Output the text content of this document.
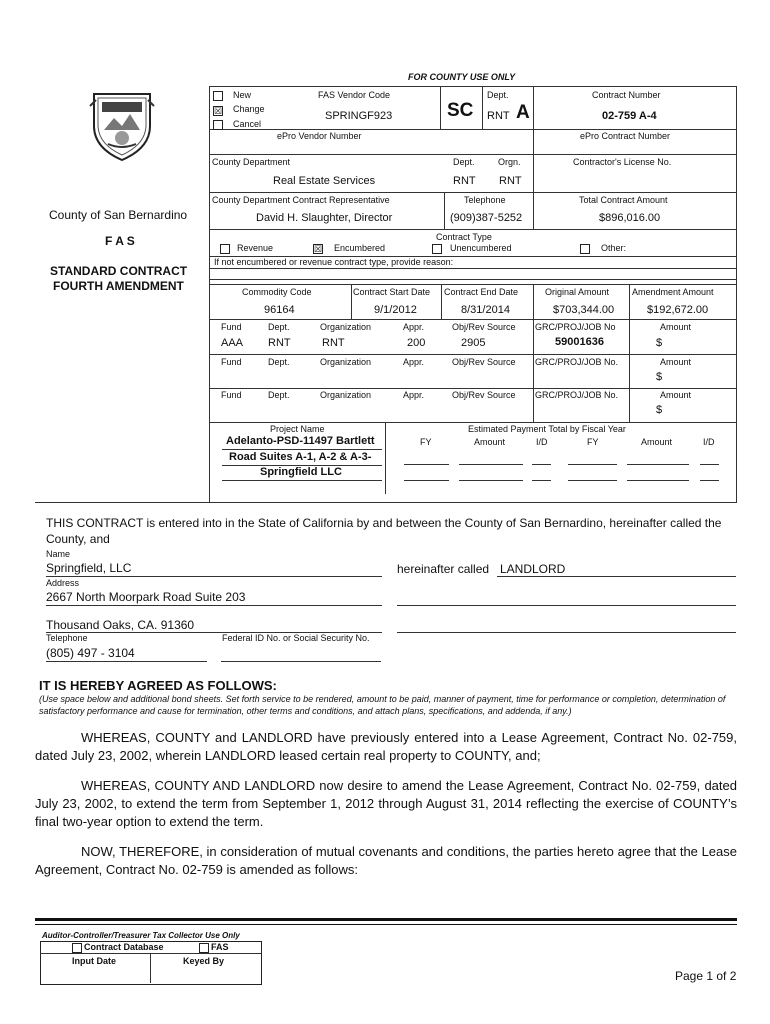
FOR COUNTY USE ONLY
County of San Bernardino
F A S
STANDARD CONTRACT
FOURTH AMENDMENT
New
☒ Change
Cancel
FAS Vendor Code
SPRINGF923	SC
Dept.
RNT A
Contract Number
02-759 A-4
ePro Vendor Number	ePro Contract Number
County Department	Dept.	Orgn.	Contractor's License No.
Real Estate Services	RNT RNT
County Department Contract Representative	Telephone	Total Contract Amount
David H. Slaughter, Director	(909)387-5252	$896,016.00
Contract Type
Revenue	☒ Encumbered	Unencumbered	Other:
If not encumbered or revenue contract type, provide reason:
Commodity Code	Contract Start Date Contract End Date	Original Amount	Amendment Amount
96164	9/1/2012	8/31/2014	$703,344.00	$192,672.00
Fund	Dept.	Organization	Appr.	Obj/Rev Source GRC/PROJ/JOB No	Amount
AAA RNT	RNT	200	2905	59001636	$
Fund	Dept.	Organization	Appr.	Obj/Rev Source GRC/PROJ/JOB No.	Amount
$
Fund	Dept.	Organization	Appr.	Obj/Rev Source GRC/PROJ/JOB No.	Amount
$
Project Name
Adelanto-PSD-11497 Bartlett
Road Suites A-1, A-2 & A-3-
Springfield LLC
Estimated Payment Total by Fiscal Year
FY	Amount	I/D	FY	Amount	I/D
THIS CONTRACT is entered into in the State of California by and between the County of San Bernardino, hereinafter called the County, and
Name
Springfield, LLC	hereinafter called LANDLORD
Address
2667 North Moorpark Road Suite 203
Thousand Oaks, CA. 91360
Telephone	Federal ID No. or Social Security No.
(805) 497 - 3104
IT IS HEREBY AGREED AS FOLLOWS:
(Use space below and additional bond sheets. Set forth service to be rendered, amount to be paid, manner of payment, time for performance or completion, determination of satisfactory performance and cause for termination, other terms and conditions, and attach plans, specifications, and addenda, if any.)
WHEREAS, COUNTY and LANDLORD have previously entered into a Lease Agreement, Contract No. 02-759, dated July 23, 2002, wherein LANDLORD leased certain real property to COUNTY, and;
WHEREAS, COUNTY AND LANDLORD now desire to amend the Lease Agreement, Contract No. 02-759, dated July 23, 2002, to extend the term from September 1, 2012 through August 31, 2014 reflecting the exercise of COUNTY’s final two-year option to extend the term.
NOW, THEREFORE, in consideration of mutual covenants and conditions, the parties hereto agree that the Lease Agreement, Contract No. 02-759 is amended as follows:
Auditor-Controller/Treasurer Tax Collector Use Only
Contract Database	FAS
Input Date	Keyed By
Page 1 of 2
